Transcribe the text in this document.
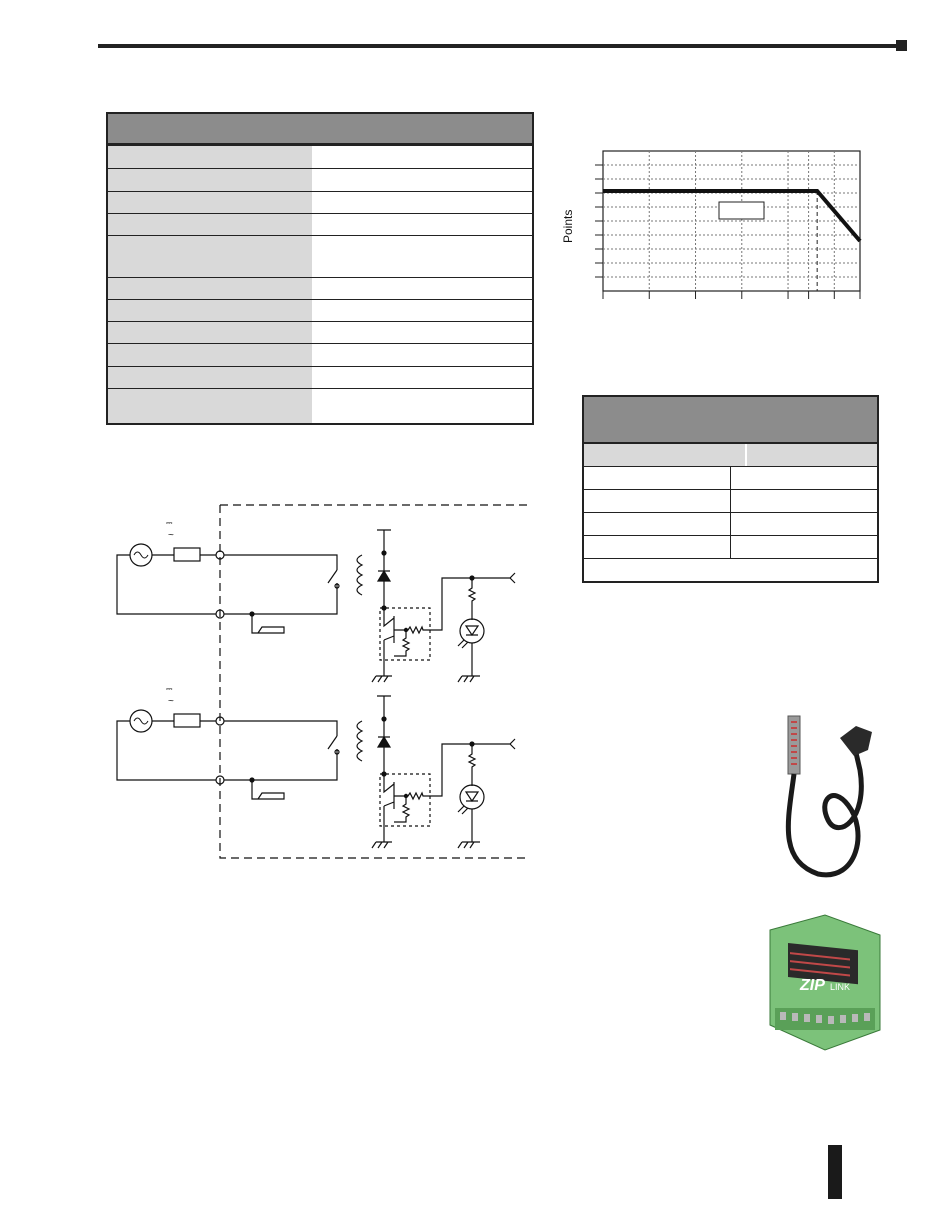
Points
⎓
~
⎓
~
ZIP LINK
